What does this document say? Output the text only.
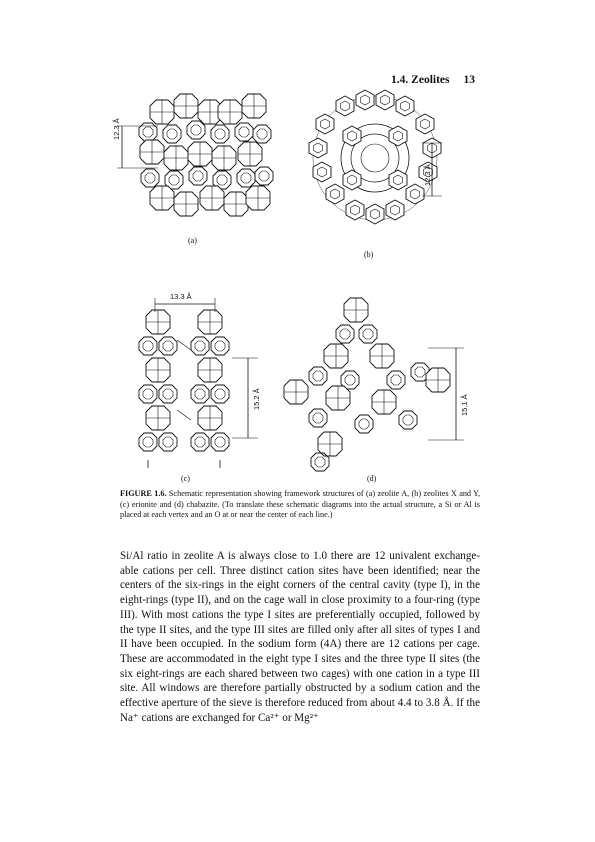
1.4. Zeolites 13
12.3 Å
(a)
12.3 Å
(b)
13.3 Å
15.2 Å
(c)
15.1 Å
(d)
FIGURE 1.6. Schematic representation showing framework structures of (a) zeolite A, (b) zeolites X and Y, (c) erionite and (d) chabazite. (To translate these schematic diagrams into the actual structure, a Si or Al is placed at each vertex and an O at or near the center of each line.)

Si/Al ratio in zeolite A is always close to 1.0 there are 12 univalent exchange-able cations per cell. Three distinct cation sites have been identified; near the centers of the six-rings in the eight corners of the central cavity (type I), in the eight-rings (type II), and on the cage wall in close proximity to a four-ring (type III). With most cations the type I sites are preferentially occupied, followed by the type II sites, and the type III sites are filled only after all sites of types I and II have been occupied. In the sodium form (4A) there are 12 cations per cage. These are accommodated in the eight type I sites and the three type II sites (the six eight-rings are each shared between two cages) with one cation in a type III site. All windows are therefore partially obstructed by a sodium cation and the effective aperture of the sieve is therefore reduced from about 4.4 to 3.8 Å. If the Na⁺ cations are exchanged for Ca²⁺ or Mg²⁺
